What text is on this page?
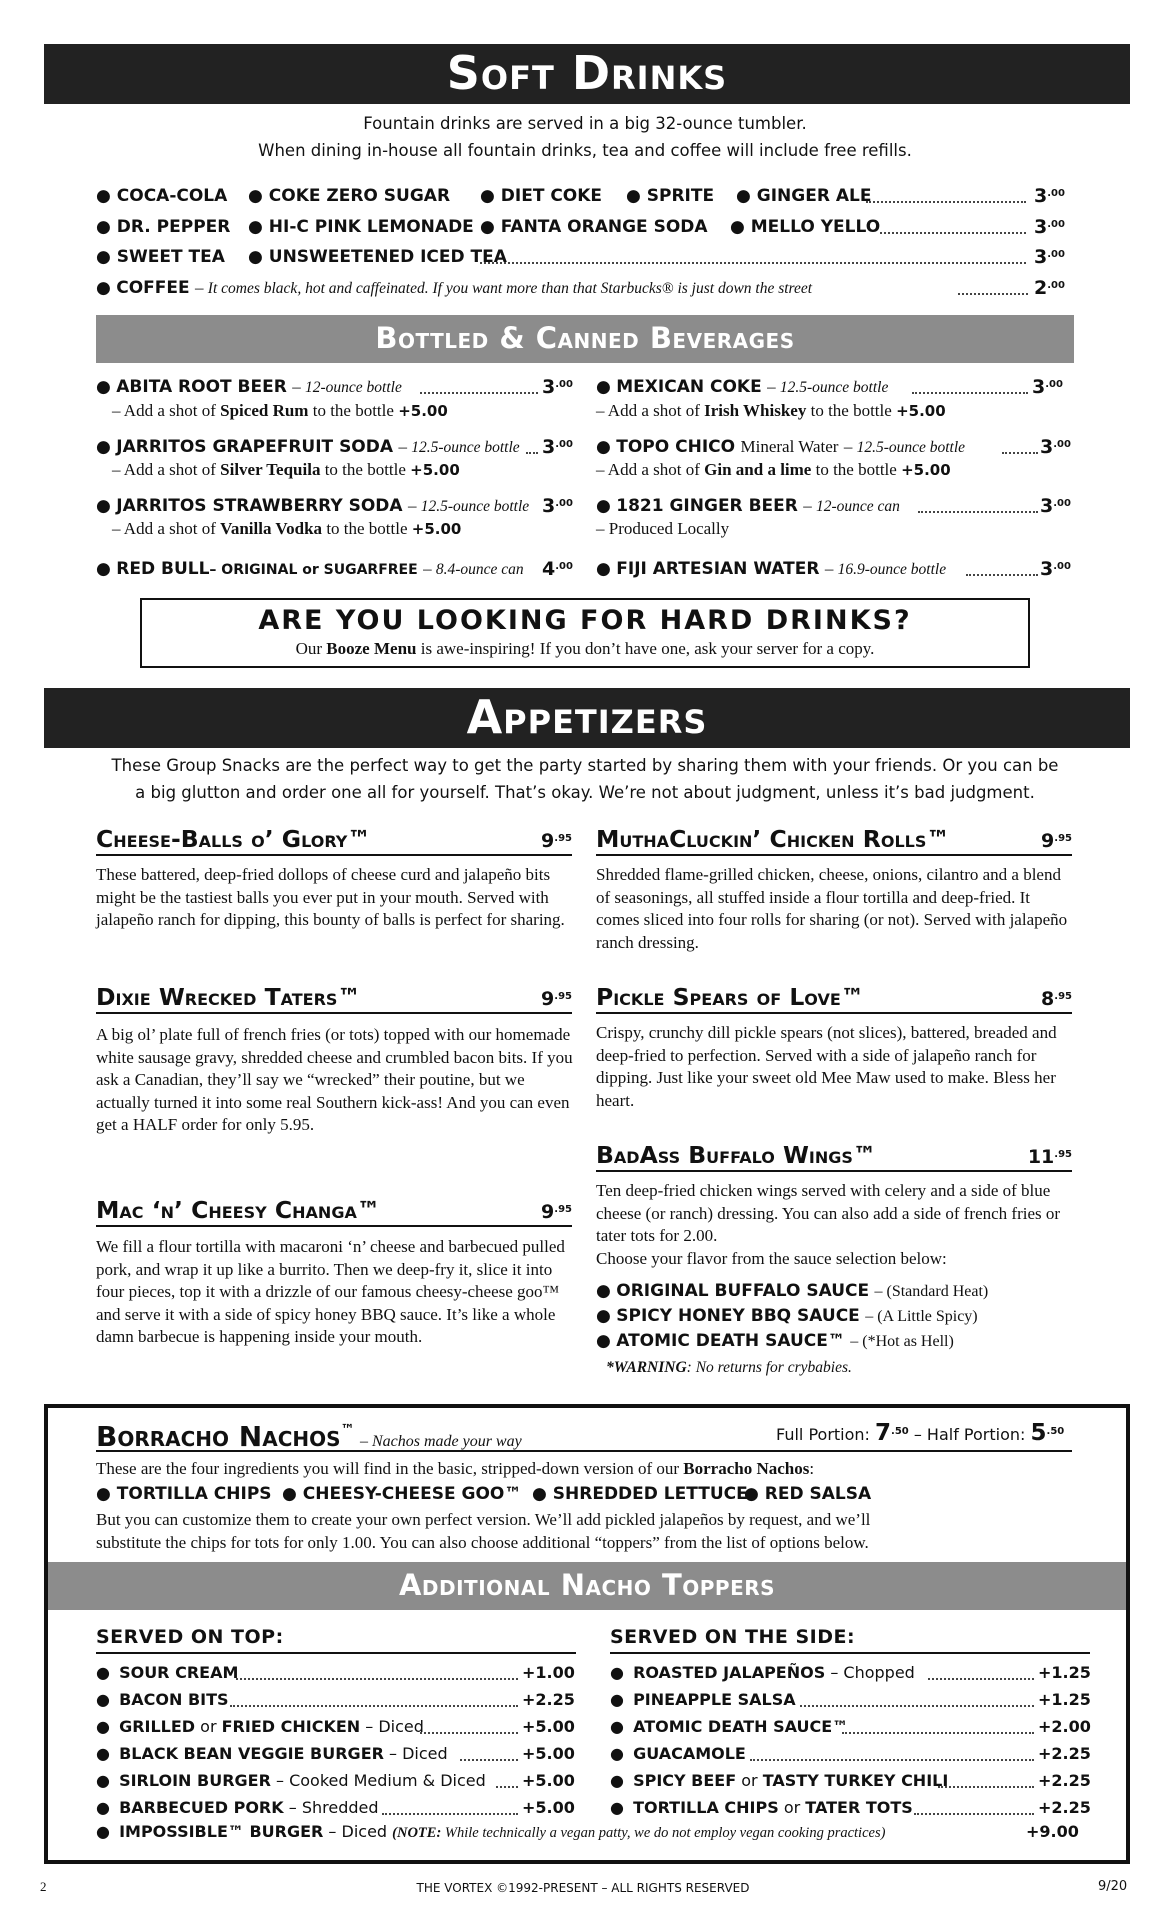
Soft Drinks
Fountain drinks are served in a big 32-ounce tumbler.
When dining in-house all fountain drinks, tea and coffee will include free refills.
● COCA-COLA ● COKE ZERO SUGAR ● DIET COKE ● SPRITE ● GINGER ALE	$3^{.00}$
● DR. PEPPER ● HI-C PINK LEMONADE ● FANTA ORANGE SODA ● MELLO YELLO	$3^{.00}$
● SWEET TEA ● UNSWEETENED ICED TEA	$3^{.00}$
● COFFEE – It comes black, hot and caffeinated. If you want more than that Starbucks® is just down the street	$2^{.00}$
Bottled & Canned Beverages
● ABITA ROOT BEER – 12-ounce bottle	$3^{.00}$
– Add a shot of Spiced Rum to the bottle +5.00
● JARRITOS GRAPEFRUIT SODA – 12.5-ounce bottle $3^{.00}$
– Add a shot of Silver Tequila to the bottle +5.00
● JARRITOS STRAWBERRY SODA – 12.5-ounce bottle $3^{.00}$
– Add a shot of Vanilla Vodka to the bottle +5.00
● RED BULL– ORIGINAL or SUGARFREE – 8.4-ounce can $4^{.00}$
● MEXICAN COKE – 12.5-ounce bottle	$3^{.00}$
– Add a shot of Irish Whiskey to the bottle +5.00
● TOPO CHICO Mineral Water – 12.5-ounce bottle	$3^{.00}$
– Add a shot of Gin and a lime to the bottle +5.00
● 1821 GINGER BEER – 12-ounce can	$3^{.00}$
– Produced Locally
● FIJI ARTESIAN WATER – 16.9-ounce bottle	$3^{.00}$
ARE YOU LOOKING FOR HARD DRINKS?
Our Booze Menu is awe-inspiring! If you don’t have one, ask your server for a copy.
Appetizers
These Group Snacks are the perfect way to get the party started by sharing them with your friends. Or you can be
a big glutton and order one all for yourself. That’s okay. We’re not about judgment, unless it’s bad judgment.
Cheese-Balls o’ Glory™	$9^{.95}$
These battered, deep-fried dollops of cheese curd and jalapeño bits might be the tastiest balls you ever put in your mouth. Served with jalapeño ranch for dipping, this bounty of balls is perfect for sharing.
MuthaCluckin’ Chicken Rolls™	$9^{.95}$
Shredded flame-grilled chicken, cheese, onions, cilantro and a blend of seasonings, all stuffed inside a flour tortilla and deep-fried. It comes sliced into four rolls for sharing (or not). Served with jalapeño ranch dressing.
Dixie Wrecked Taters™	$9^{.95}$
A big ol’ plate full of french fries (or tots) topped with our homemade white sausage gravy, shredded cheese and crumbled bacon bits. If you ask a Canadian, they’ll say we “wrecked” their poutine, but we actually turned it into some real Southern kick-ass! And you can even get a HALF order for only 5.95.
Pickle Spears of Love™	$8^{.95}$
Crispy, crunchy dill pickle spears (not slices), battered, breaded and deep-fried to perfection. Served with a side of jalapeño ranch for dipping. Just like your sweet old Mee Maw used to make. Bless her heart.
Mac ‘n’ Cheesy Changa™	$9^{.95}$
We fill a flour tortilla with macaroni ‘n’ cheese and barbecued pulled pork, and wrap it up like a burrito. Then we deep-fry it, slice it into four pieces, top it with a drizzle of our famous cheesy-cheese goo™ and serve it with a side of spicy honey BBQ sauce. It’s like a whole damn barbecue is happening inside your mouth.
BadAss Buffalo Wings™	$11^{.95}$
Ten deep-fried chicken wings served with celery and a side of blue cheese (or ranch) dressing. You can also add a side of french fries or tater tots for 2.00.
Choose your flavor from the sauce selection below:
● ORIGINAL BUFFALO SAUCE – (Standard Heat)
● SPICY HONEY BBQ SAUCE – (A Little Spicy)
● ATOMIC DEATH SAUCE™ – (*Hot as Hell)
*WARNING: No returns for crybabies.
Borracho Nachos™ – Nachos made your way	Full Portion: $7^{.50}$ – Half Portion: $5^{.50}$
These are the four ingredients you will find in the basic, stripped-down version of our Borracho Nachos:
● TORTILLA CHIPS ● CHEESY-CHEESE GOO™ ● SHREDDED LETTUCE
● RED SALSA
But you can customize them to create your own perfect version. We’ll add pickled jalapeños by request, and we’ll
substitute the chips for tots for only 1.00. You can also choose additional “toppers” from the list of options below.
Additional Nacho Toppers
SERVED ON TOP:	SERVED ON THE SIDE:
● SOUR CREAM	+1.00
● BACON BITS	+2.25
● GRILLED or FRIED CHICKEN – Diced	+5.00
● BLACK BEAN VEGGIE BURGER – Diced	+5.00
● SIRLOIN BURGER – Cooked Medium & Diced +5.00
● BARBECUED PORK – Shredded	+5.00
● ROASTED JALAPEÑOS – Chopped	+1.25
● PINEAPPLE SALSA	+1.25
● ATOMIC DEATH SAUCE™	+2.00
● GUACAMOLE	+2.25
● SPICY BEEF or TASTY TURKEY CHILI	+2.25
● TORTILLA CHIPS or TATER TOTS	+2.25
● IMPOSSIBLE™ BURGER – Diced (NOTE: While technically a vegan patty, we do not employ vegan cooking practices)	+9.00
2	THE VORTEX ©1992-PRESENT – ALL RIGHTS RESERVED	9/20
